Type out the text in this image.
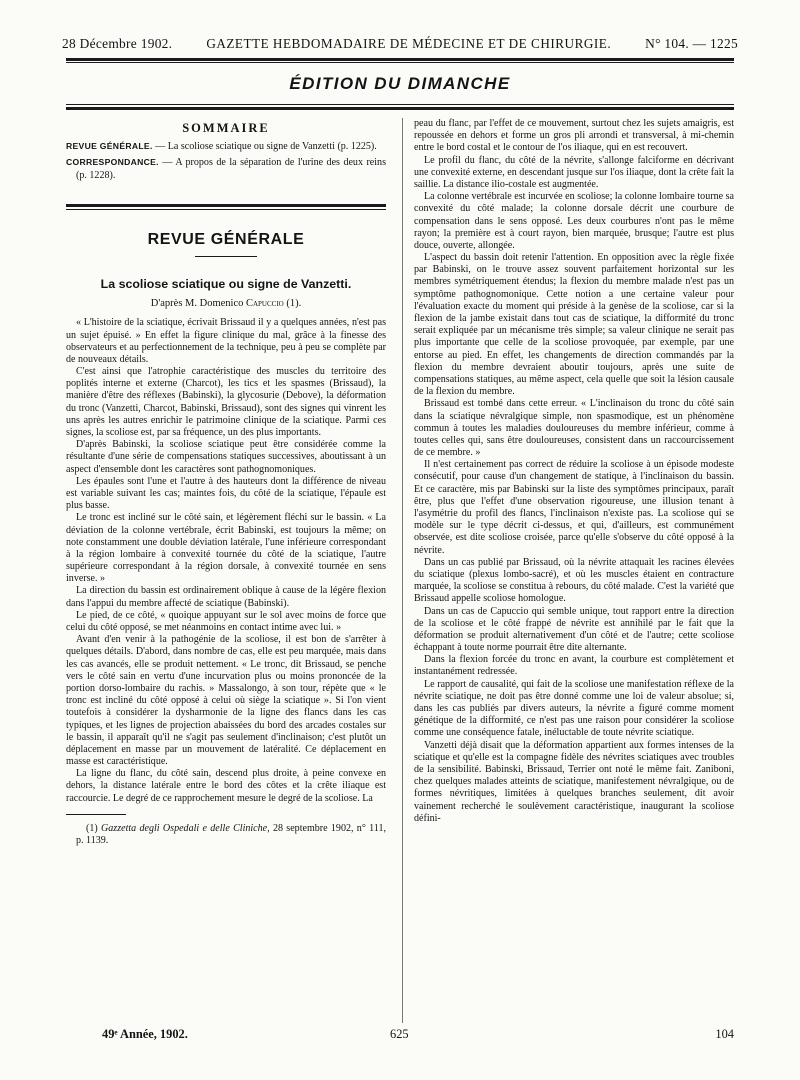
28 Décembre 1902.	GAZETTE HEBDOMADAIRE DE MÉDECINE ET DE CHIRURGIE.	N° 104. — 1225
ÉDITION DU DIMANCHE
SOMMAIRE
REVUE GÉNÉRALE. — La scoliose sciatique ou signe de Vanzetti (p. 1225).
CORRESPONDANCE. — A propos de la séparation de l'urine des deux reins (p. 1228).
REVUE GÉNÉRALE
La scoliose sciatique ou signe de Vanzetti.
D'après M. Domenico Capuccio (1).

« L'histoire de la sciatique, écrivait Brissaud il y a quelques années, n'est pas un sujet épuisé. » En effet la figure clinique du mal, grâce à la finesse des observateurs et au perfectionnement de la technique, peu à peu se complète par de nouveaux détails.

C'est ainsi que l'atrophie caractéristique des muscles du territoire des poplités interne et externe (Charcot), les tics et les spasmes (Brissaud), la manière d'être des réflexes (Babinski), la glycosurie (Debove), la déformation du tronc (Vanzetti, Charcot, Babinski, Brissaud), sont des signes qui vinrent les uns après les autres enrichir le patrimoine clinique de la sciatique. Parmi ces signes, la scoliose est, par sa fréquence, un des plus importants.

D'après Babinski, la scoliose sciatique peut être considérée comme la résultante d'une série de compensations statiques successives, aboutissant à un aspect d'ensemble dont les caractères sont pathognomoniques.

Les épaules sont l'une et l'autre à des hauteurs dont la différence de niveau est variable suivant les cas; maintes fois, du côté de la sciatique, l'épaule est plus basse.

Le tronc est incliné sur le côté sain, et légèrement fléchi sur le bassin. « La déviation de la colonne vertébrale, écrit Babinski, est toujours la même; on note constamment une double déviation latérale, l'une inférieure correspondant à la région lombaire à convexité tournée du côté de la sciatique, l'autre supérieure correspondant à la région dorsale, à convexité tournée en sens inverse. »

La direction du bassin est ordinairement oblique à cause de la légère flexion dans l'appui du membre affecté de sciatique (Babinski).

Le pied, de ce côté, « quoique appuyant sur le sol avec moins de force que celui du côté opposé, se met néanmoins en contact intime avec lui. »

Avant d'en venir à la pathogénie de la scoliose, il est bon de s'arrêter à quelques détails. D'abord, dans nombre de cas, elle est peu marquée, mais dans les cas avancés, elle se produit nettement. « Le tronc, dit Brissaud, se penche vers le côté sain en vertu d'une incurvation plus ou moins prononcée de la portion dorso-lombaire du rachis. » Massalongo, à son tour, répète que « le tronc est incliné du côté opposé à celui où siège la sciatique ». Si l'on vient toutefois à considérer la dysharmonie de la ligne des flancs dans les cas typiques, et les lignes de projection abaissées du bord des arcades costales sur le bassin, il apparaît qu'il ne s'agit pas seulement d'inclinaison; c'est plutôt un déplacement en masse par un mouvement de latéralité. Ce déplacement en masse est caractéristique.

La ligne du flanc, du côté sain, descend plus droite, à peine convexe en dehors, la distance latérale entre le bord des côtes et la crête iliaque est raccourcie. Le degré de ce rapprochement mesure le degré de la scoliose. La

(1) Gazzetta degli Ospedali e delle Cliniche, 28 septembre 1902, n° 111, p. 1139.

peau du flanc, par l'effet de ce mouvement, surtout chez les sujets amaigris, est repoussée en dehors et forme un gros pli arrondi et transversal, à mi-chemin entre le bord costal et le contour de l'os iliaque, qui en est recouvert.

Le profil du flanc, du côté de la névrite, s'allonge falciforme en décrivant une convexité externe, en descendant jusque sur l'os iliaque, dont la crête fait la saillie. La distance ilio-costale est augmentée.

La colonne vertébrale est incurvée en scoliose; la colonne lombaire tourne sa convexité du côté malade; la colonne dorsale décrit une courbure de compensation dans le sens opposé. Les deux courbures n'ont pas le même rayon; la première est à court rayon, bien marquée, brusque; l'autre est plus douce, ouverte, allongée.

L'aspect du bassin doit retenir l'attention. En opposition avec la règle fixée par Babinski, on le trouve assez souvent parfaitement horizontal sur les membres symétriquement étendus; la flexion du membre malade n'est pas un symptôme pathognomonique. Cette notion a une certaine valeur pour l'évaluation exacte du moment qui préside à la genèse de la scoliose, car si la flexion de la jambe existait dans tout cas de sciatique, la difformité du tronc serait expliquée par un mécanisme très simple; sa valeur clinique ne serait pas plus importante que celle de la scoliose provoquée, par exemple, par une entorse au pied. En effet, les changements de direction commandés par la flexion du membre devraient aboutir toujours, après une suite de compensations statiques, au même aspect, cela quelle que soit la lésion causale de la flexion du membre.

Brissaud est tombé dans cette erreur. « L'inclinaison du tronc du côté sain dans la sciatique névralgique simple, non spasmodique, est un phénomène commun à toutes les maladies douloureuses du membre inférieur, comme à toutes celles qui, sans être douloureuses, consistent dans un raccourcissement de ce membre. »

Il n'est certainement pas correct de réduire la scoliose à un épisode modeste consécutif, pour cause d'un changement de statique, à l'inclinaison du bassin. Et ce caractère, mis par Babinski sur la liste des symptômes principaux, paraît être, plus que l'effet d'une observation rigoureuse, une illusion tenant à l'asymétrie du profil des flancs, l'inclinaison n'existe pas. La scoliose qui se modèle sur le type décrit ci-dessus, et qui, d'ailleurs, est communément observée, est dite scoliose croisée, parce qu'elle s'observe du côté opposé à la névrite.

Dans un cas publié par Brissaud, où la névrite attaquait les racines élevées du sciatique (plexus lombo-sacré), et où les muscles étaient en contracture marquée, la scoliose se constitua à rebours, du côté malade. C'est la variété que Brissaud appelle scoliose homologue.

Dans un cas de Capuccio qui semble unique, tout rapport entre la direction de la scoliose et le côté frappé de névrite est annihilé par le fait que la déformation se produit alternativement d'un côté et de l'autre; cette scoliose échappant à toute norme pourrait être dite alternante.

Dans la flexion forcée du tronc en avant, la courbure est complètement et instantanément redressée.

Le rapport de causalité, qui fait de la scoliose une manifestation réflexe de la névrite sciatique, ne doit pas être donné comme une loi de valeur absolue; si, dans les cas publiés par divers auteurs, la névrite a figuré comme moment génétique de la difformité, ce n'est pas une raison pour considérer la scoliose comme une conséquence fatale, inéluctable de toute névrite sciatique.

Vanzetti déjà disait que la déformation appartient aux formes intenses de la sciatique et qu'elle est la compagne fidèle des névrites sciatiques avec troubles de la sensibilité. Babinski, Brissaud, Terrier ont noté le même fait. Zaniboni, chez quelques malades atteints de sciatique, manifestement névralgique, ou de formes névritiques, limitées à quelques branches seulement, dit avoir vainement recherché le soulèvement caractéristique, inaugurant la scoliose défini-

49ᵉ Année, 1902.	625	104
